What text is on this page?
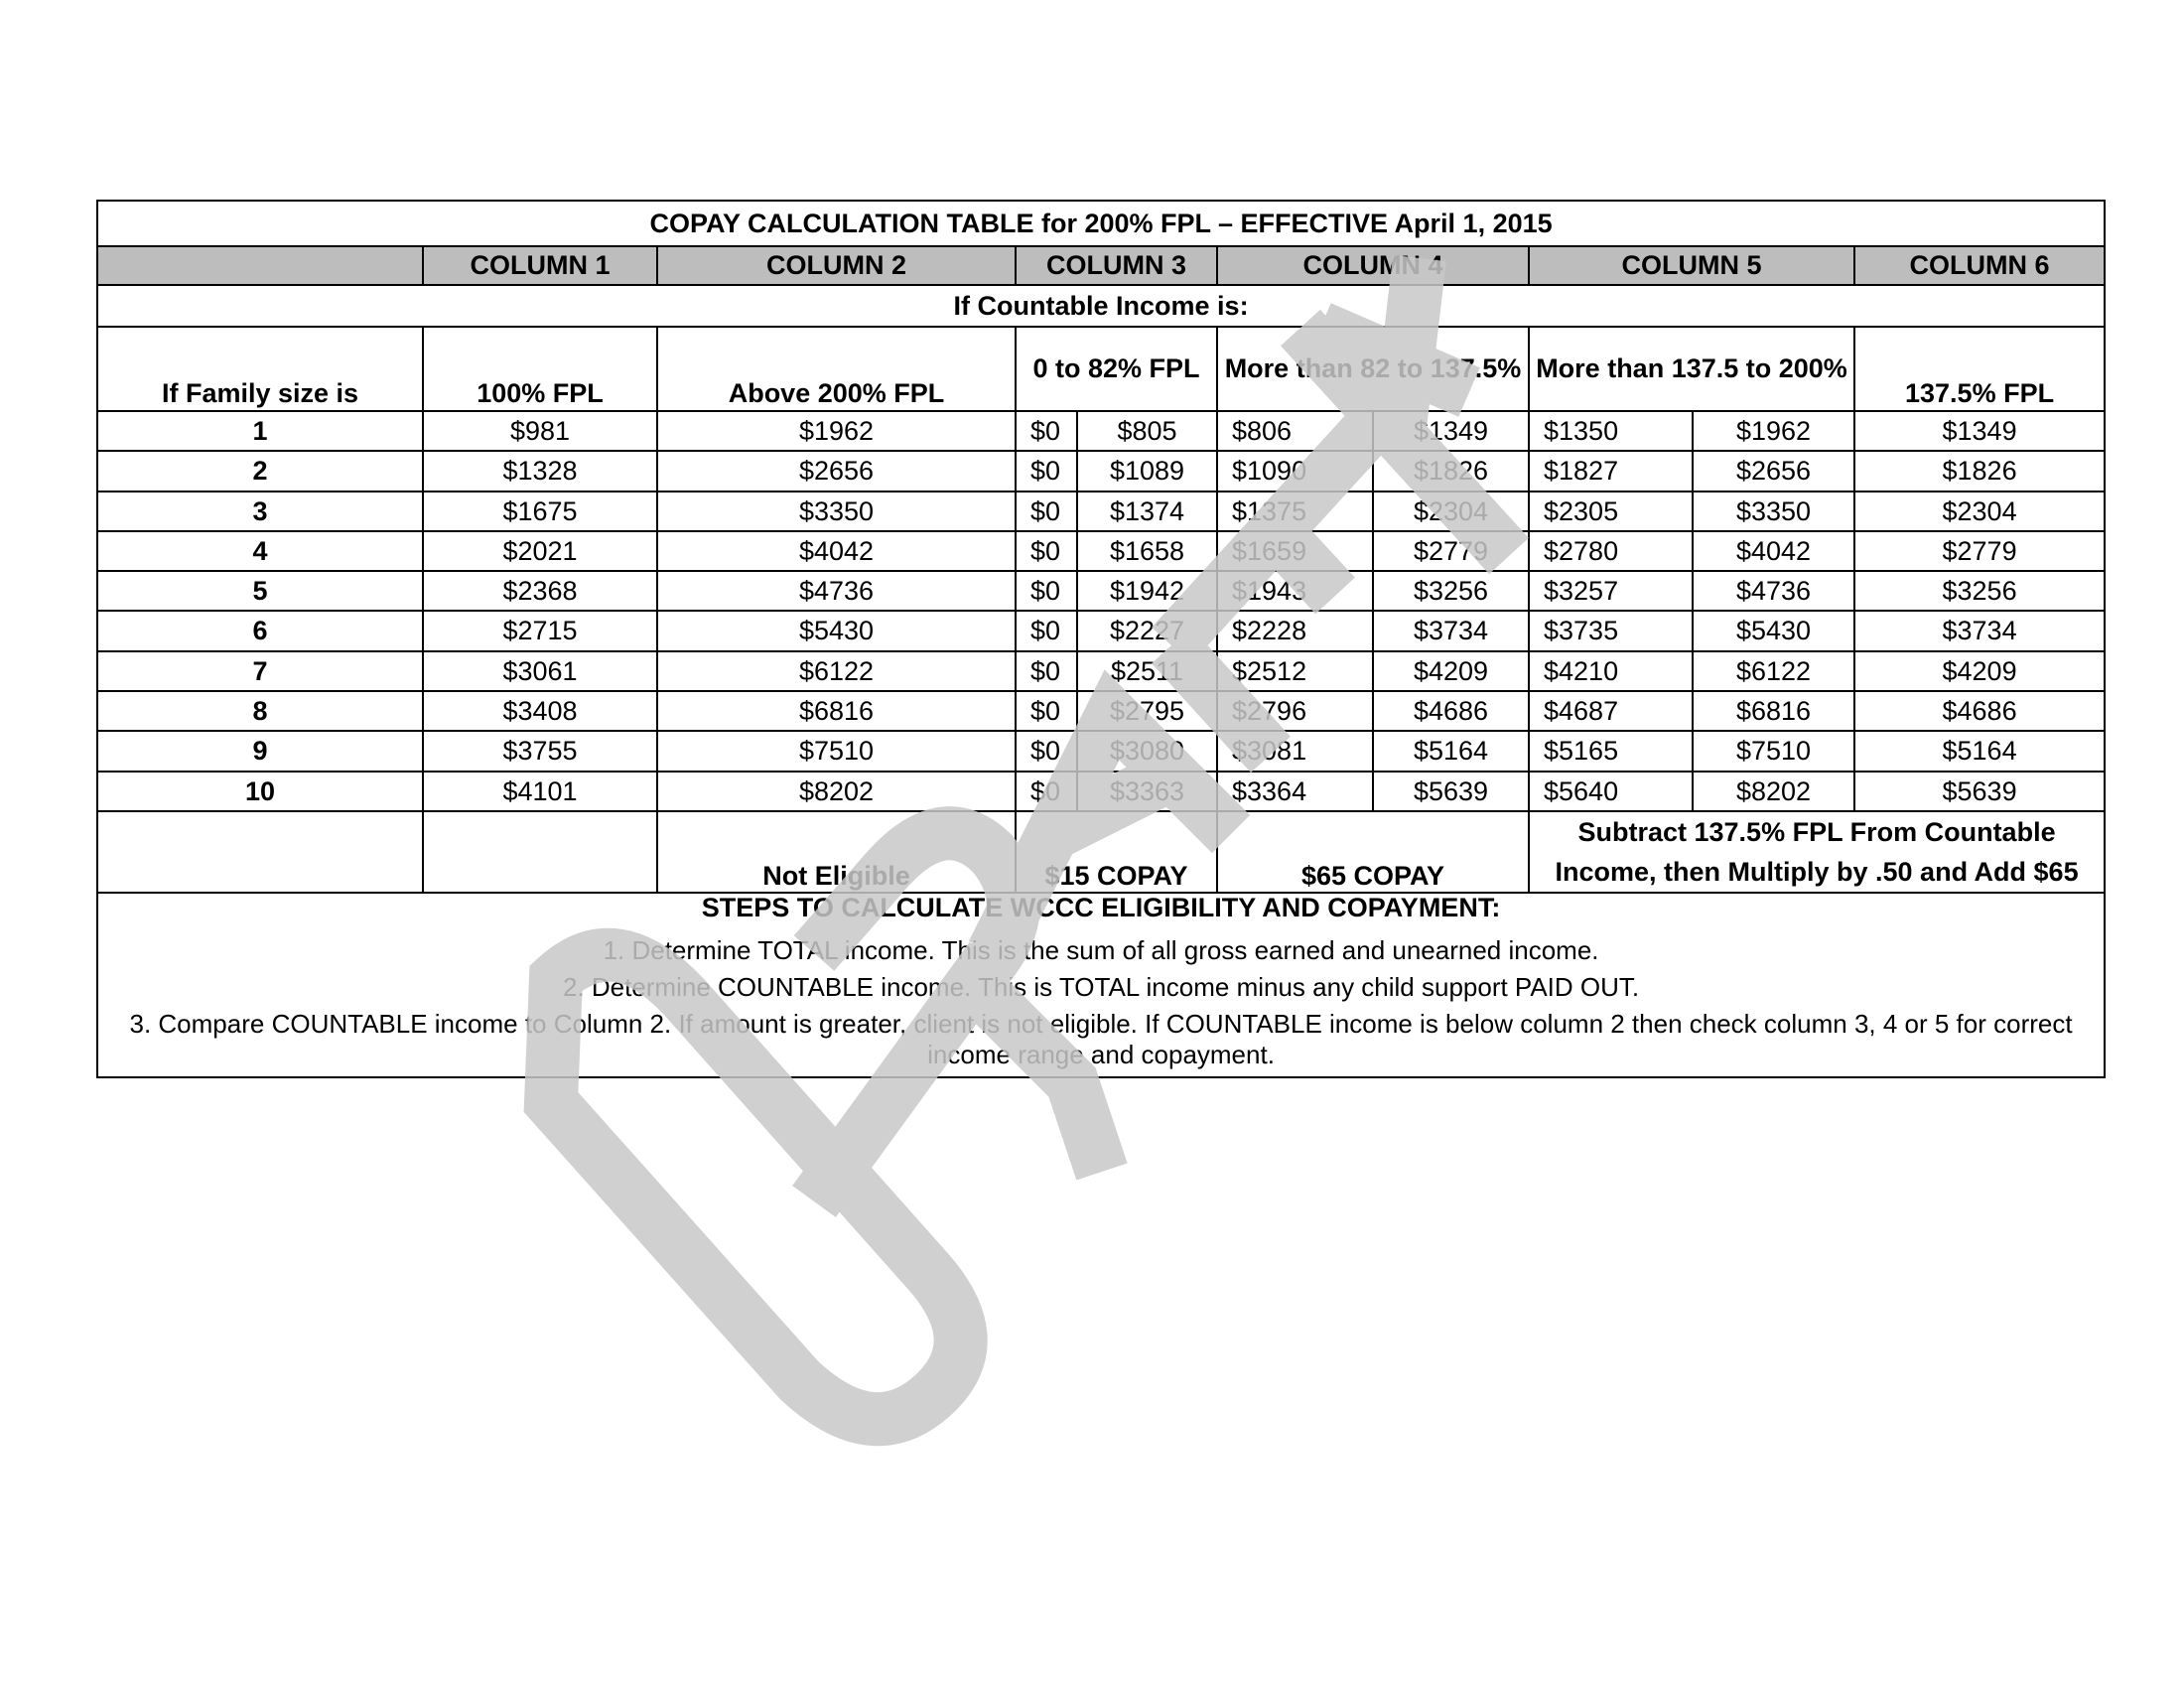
COPAY CALCULATION TABLE for 200% FPL – EFFECTIVE April 1, 2015									
	COLUMN 1	COLUMN 2	COLUMN 3		COLUMN 4		COLUMN 5		COLUMN 6
If Countable Income is:									
If Family size is	100% FPL	Above 200% FPL	0 to 82% FPL		More than 82 to 137.5%		More than 137.5 to 200%		137.5% FPL
1	$981	$1962	$0	$805	$806	$1349	$1350	$1962	$1349
2	$1328	$2656	$0	$1089	$1090	$1826	$1827	$2656	$1826
3	$1675	$3350	$0	$1374	$1375	$2304	$2305	$3350	$2304
4	$2021	$4042	$0	$1658	$1659	$2779	$2780	$4042	$2779
5	$2368	$4736	$0	$1942	$1943	$3256	$3257	$4736	$3256
6	$2715	$5430	$0	$2227	$2228	$3734	$3735	$5430	$3734
7	$3061	$6122	$0	$2511	$2512	$4209	$4210	$6122	$4209
8	$3408	$6816	$0	$2795	$2796	$4686	$4687	$6816	$4686
9	$3755	$7510	$0	$3080	$3081	$5164	$5165	$7510	$5164
10	$4101	$8202	$0	$3363	$3364	$5639	$5640	$8202	$5639
		Not Eligible	$15 COPAY		$65 COPAY		Subtract 137.5% FPL From Countable
Income, then Multiply by .50 and Add $65		

STEPS TO CALCULATE WCCC ELIGIBILITY AND COPAYMENT:
1. Determine TOTAL income. This is the sum of all gross earned and unearned income.
2. Determine COUNTABLE income. This is TOTAL income minus any child support PAID OUT.
3. Compare COUNTABLE income to Column 2. If amount is greater, client is not eligible. If COUNTABLE income is below column 2 then check column 3, 4 or 5 for correct income range and copayment.									
